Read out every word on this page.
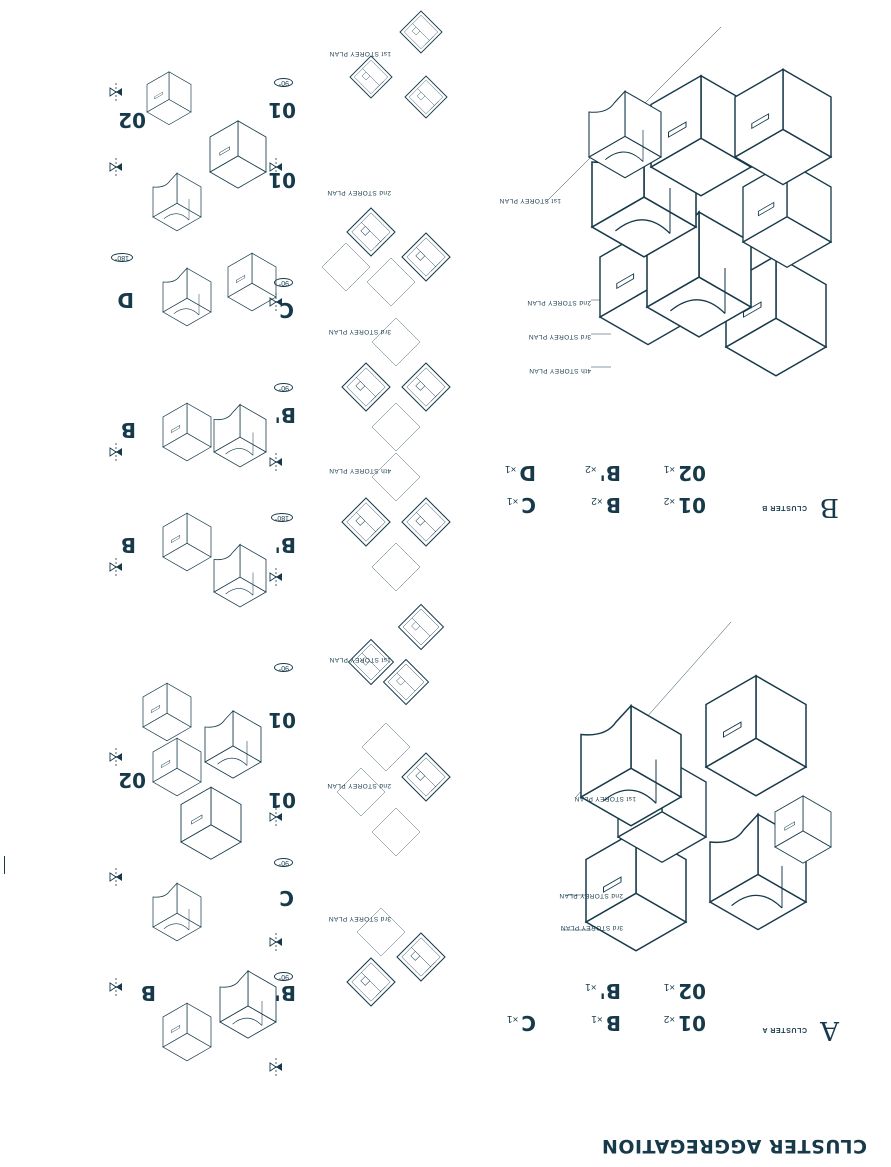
CLUSTER AGGREGATION
A
CLUSTER A
01×2
B×1
C×1
02×1
B'×1
3rd STOREY PLAN
2nd STOREY PLAN
1st STOREY PLAN
3rd STOREY PLAN
2nd STOREY PLAN
1st STOREY PLAN
B'
90°
B
C
90°
01
02
01
90°
B
CLUSTER B
01×2
B×2
C×1
02×1
B'×2
D×1
4th STOREY PLAN
3rd STOREY PLAN
2nd STOREY PLAN
1st STOREY PLAN
4th STOREY PLAN
3rd STOREY PLAN
2nd STOREY PLAN
1st STOREY PLAN
B'
180°
B
B'
90°
B
C
90°
D
180°
01
02	01
90°
